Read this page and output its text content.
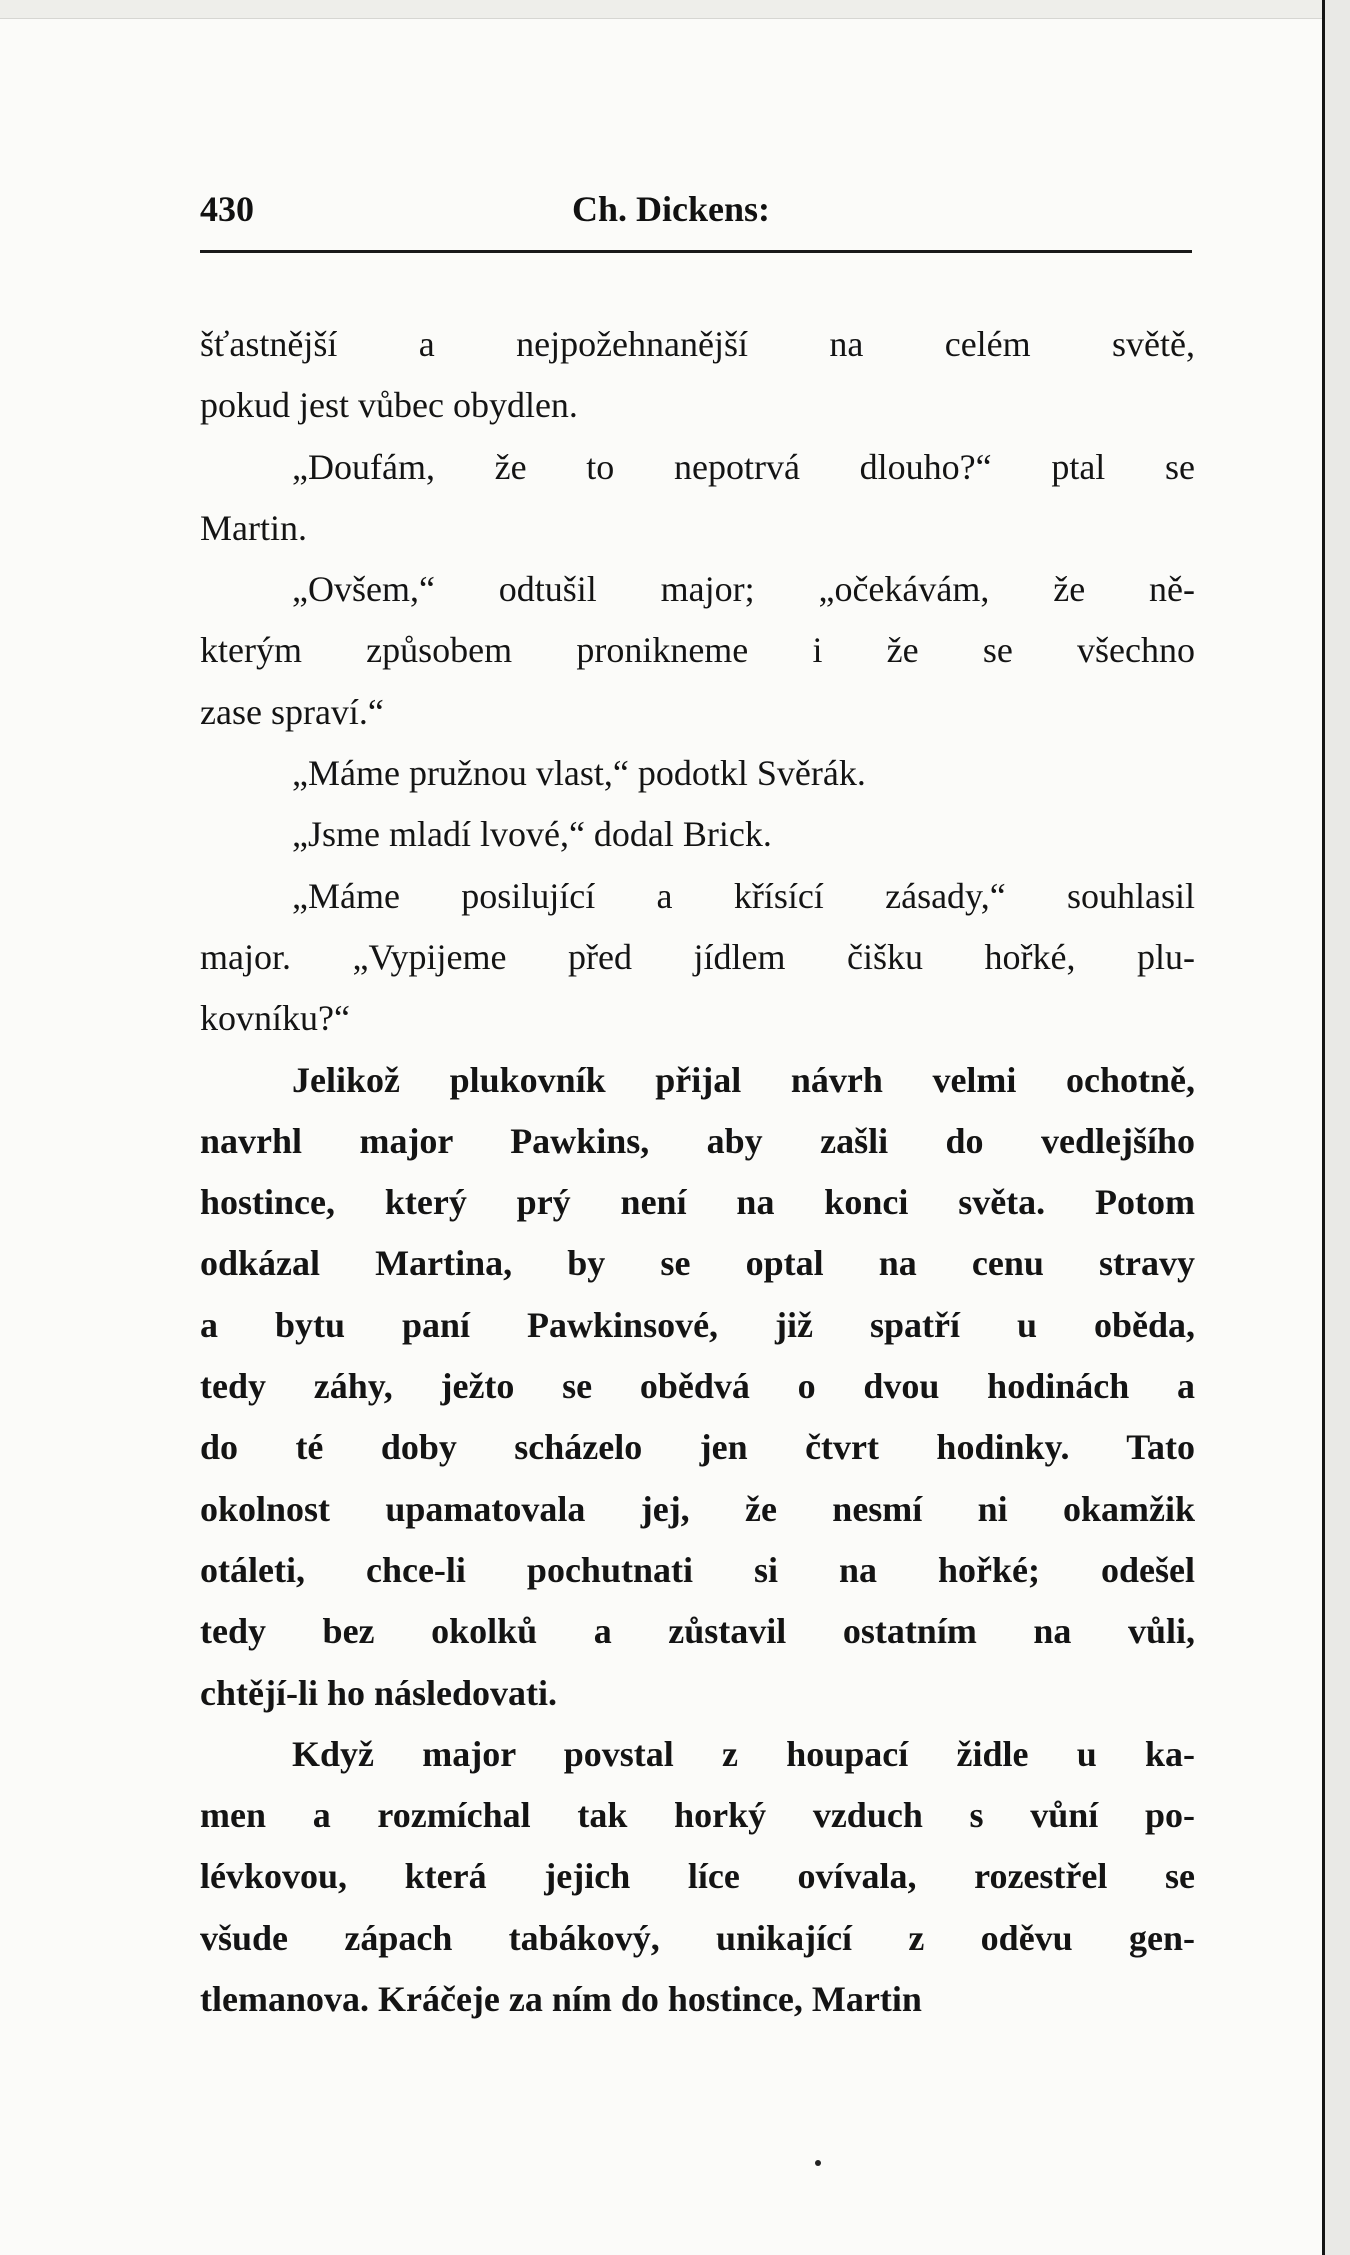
430	Ch. Dickens:

šťastnější a nejpožehnanější na celém světě,
pokud jest vůbec obydlen.

„Doufám, že to nepotrvá dlouho?“ ptal se
Martin.

„Ovšem,“ odtušil major; „očekávám, že ně-
kterým způsobem pronikneme i že se všechno
zase spraví.“

„Máme pružnou vlast,“ podotkl Svěrák.

„Jsme mladí lvové,“ dodal Brick.

„Máme posilující a křísící zásady,“ souhlasil
major. „Vypijeme před jídlem čišku hořké, plu-
kovníku?“

Jelikož plukovník přijal návrh velmi ochotně,
navrhl major Pawkins, aby zašli do vedlejšího
hostince, který prý není na konci světa. Potom
odkázal Martina, by se optal na cenu stravy
a bytu paní Pawkinsové, již spatří u oběda,
tedy záhy, ježto se obědvá o dvou hodinách a
do té doby scházelo jen čtvrt hodinky. Tato
okolnost upamatovala jej, že nesmí ni okamžik
otáleti, chce-li pochutnati si na hořké; odešel
tedy bez okolků a zůstavil ostatním na vůli,
chtějí-li ho následovati.

Když major povstal z houpací židle u ka-
men a rozmíchal tak horký vzduch s vůní po-
lévkovou, která jejich líce ovívala, rozestřel se
všude zápach tabákový, unikající z oděvu gen-
tlemanova. Kráčeje za ním do hostince, Martin
